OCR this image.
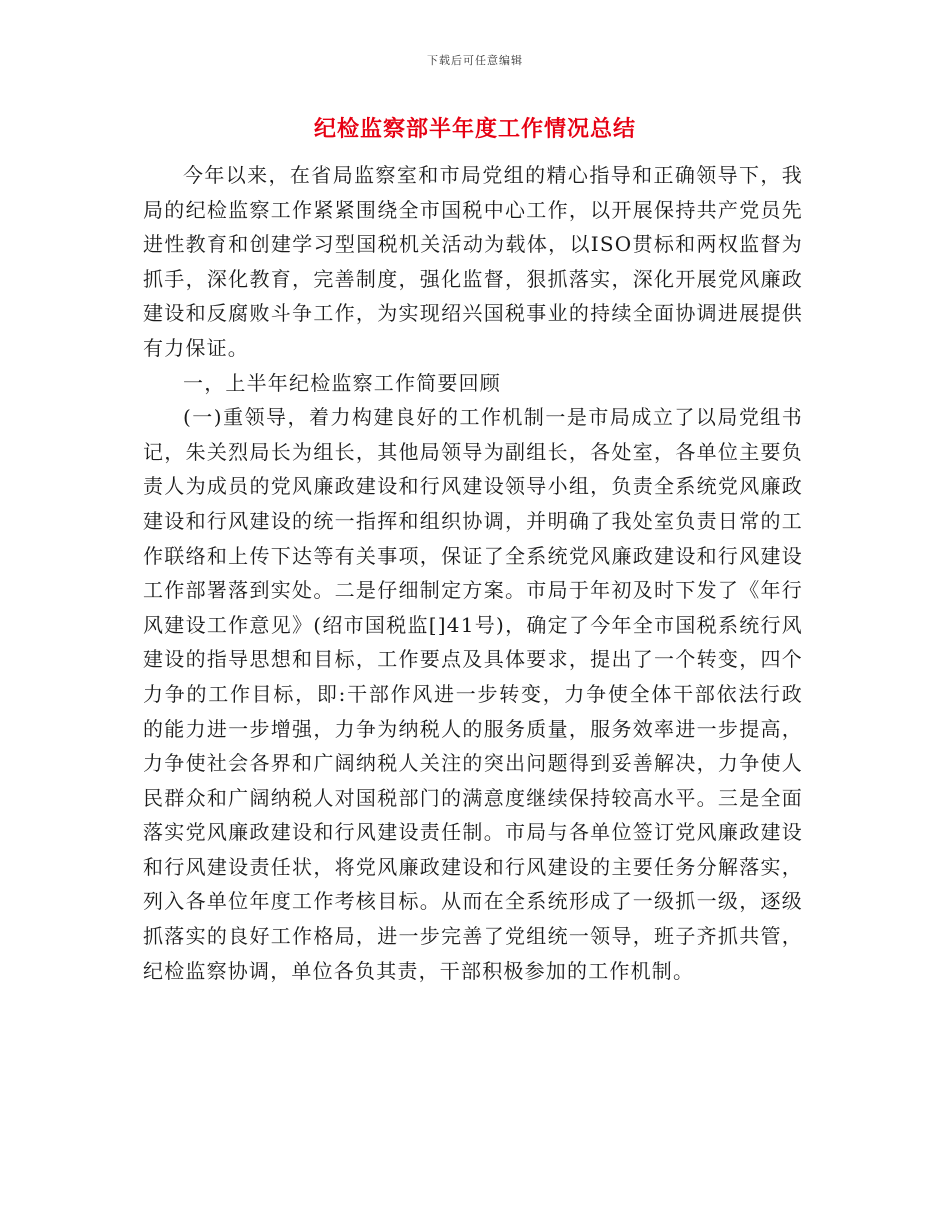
下载后可任意编辑
纪检监察部半年度工作情况总结

今年以来，在省局监察室和市局党组的精心指导和正确领导下，我局的纪检监察工作紧紧围绕全市国税中心工作，以开展保持共产党员先进性教育和创建学习型国税机关活动为载体，以ISO贯标和两权监督为抓手，深化教育，完善制度，强化监督，狠抓落实，深化开展党风廉政建设和反腐败斗争工作，为实现绍兴国税事业的持续全面协调进展提供有力保证。

一，上半年纪检监察工作简要回顾

(一)重领导，着力构建良好的工作机制一是市局成立了以局党组书记，朱关烈局长为组长，其他局领导为副组长，各处室，各单位主要负责人为成员的党风廉政建设和行风建设领导小组，负责全系统党风廉政建设和行风建设的统一指挥和组织协调，并明确了我处室负责日常的工作联络和上传下达等有关事项，保证了全系统党风廉政建设和行风建设工作部署落到实处。二是仔细制定方案。市局于年初及时下发了《年行风建设工作意见》(绍市国税监[]41号)，确定了今年全市国税系统行风建设的指导思想和目标，工作要点及具体要求，提出了一个转变，四个力争的工作目标，即:干部作风进一步转变，力争使全体干部依法行政的能力进一步增强，力争为纳税人的服务质量，服务效率进一步提高，力争使社会各界和广阔纳税人关注的突出问题得到妥善解决，力争使人民群众和广阔纳税人对国税部门的满意度继续保持较高水平。三是全面落实党风廉政建设和行风建设责任制。市局与各单位签订党风廉政建设和行风建设责任状，将党风廉政建设和行风建设的主要任务分解落实，列入各单位年度工作考核目标。从而在全系统形成了一级抓一级，逐级抓落实的良好工作格局，进一步完善了党组统一领导，班子齐抓共管，纪检监察协调，单位各负其责，干部积极参加的工作机制。
